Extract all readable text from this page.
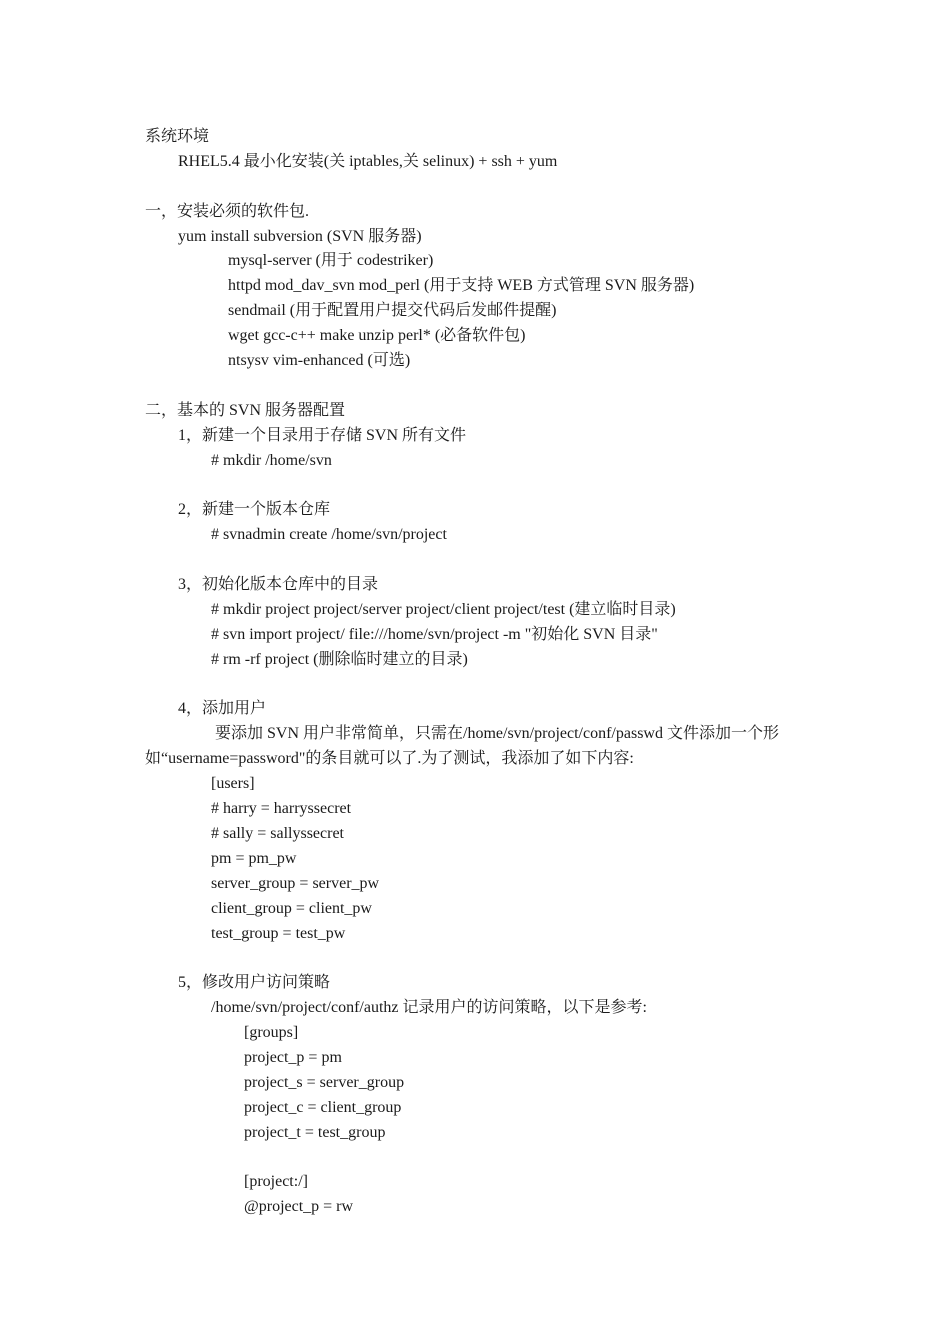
系统环境
RHEL5.4 最小化安装(关 iptables,关 selinux) + ssh + yum
一，安装必须的软件包.
yum install subversion (SVN 服务器)
mysql-server (用于 codestriker)
httpd mod_dav_svn mod_perl (用于支持 WEB 方式管理 SVN 服务器)
sendmail (用于配置用户提交代码后发邮件提醒)
wget gcc-c++ make unzip perl* (必备软件包)
ntsysv vim-enhanced (可选)
二，基本的 SVN 服务器配置
1，新建一个目录用于存储 SVN 所有文件
# mkdir /home/svn
2，新建一个版本仓库
# svnadmin create /home/svn/project
3，初始化版本仓库中的目录
# mkdir project project/server project/client project/test (建立临时目录)
# svn import project/ file:///home/svn/project -m "初始化 SVN 目录"
# rm -rf project (删除临时建立的目录)
4，添加用户
要添加 SVN 用户非常简单，只需在/home/svn/project/conf/passwd 文件添加一个形
如“username=password"的条目就可以了.为了测试，我添加了如下内容:
[users]
# harry = harryssecret
# sally = sallyssecret
pm = pm_pw
server_group = server_pw
client_group = client_pw
test_group = test_pw
5，修改用户访问策略
/home/svn/project/conf/authz 记录用户的访问策略，以下是参考:
[groups]
project_p = pm
project_s = server_group
project_c = client_group
project_t = test_group
[project:/]
@project_p = rw
